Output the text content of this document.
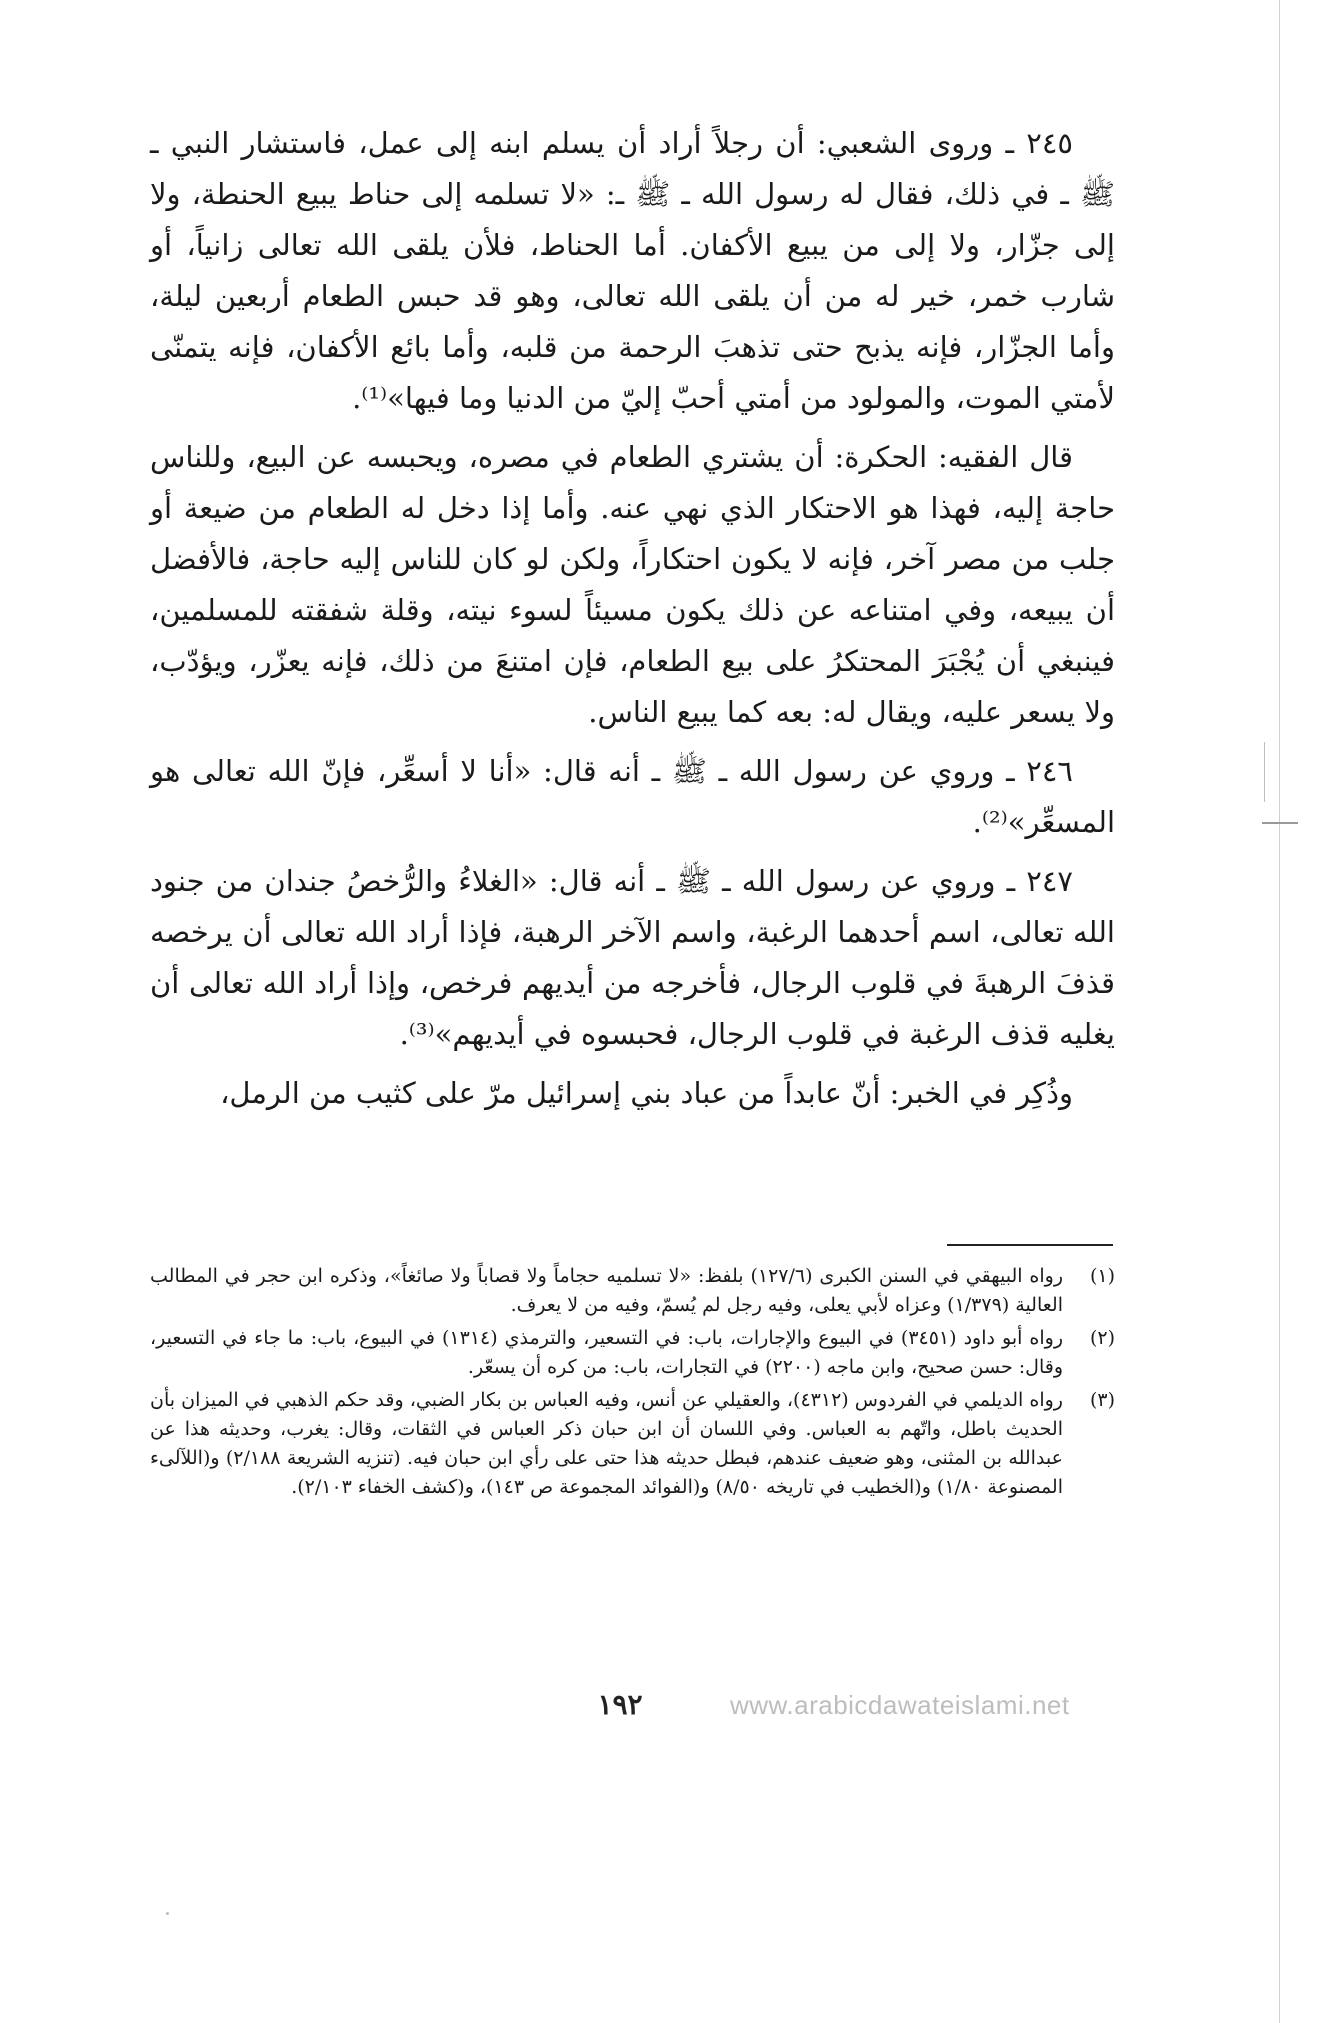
٢٤٥ ـ وروى الشعبي: أن رجلاً أراد أن يسلم ابنه إلى عمل، فاستشار النبي ـ ﷺ ـ في ذلك، فقال له رسول الله ـ ﷺ ـ: «لا تسلمه إلى حناط يبيع الحنطة، ولا إلى جزّار، ولا إلى من يبيع الأكفان. أما الحناط، فلأن يلقى الله تعالى زانياً، أو شارب خمر، خير له من أن يلقى الله تعالى، وهو قد حبس الطعام أربعين ليلة، وأما الجزّار، فإنه يذبح حتى تذهبَ الرحمة من قلبه، وأما بائع الأكفان، فإنه يتمنّى لأمتي الموت، والمولود من أمتي أحبّ إليّ من الدنيا وما فيها»⁽¹⁾.

قال الفقيه: الحكرة: أن يشتري الطعام في مصره، ويحبسه عن البيع، وللناس حاجة إليه، فهذا هو الاحتكار الذي نهي عنه. وأما إذا دخل له الطعام من ضيعة أو جلب من مصر آخر، فإنه لا يكون احتكاراً، ولكن لو كان للناس إليه حاجة، فالأفضل أن يبيعه، وفي امتناعه عن ذلك يكون مسيئاً لسوء نيته، وقلة شفقته للمسلمين، فينبغي أن يُجْبَرَ المحتكرُ على بيع الطعام، فإن امتنعَ من ذلك، فإنه يعزّر، ويؤدّب، ولا يسعر عليه، ويقال له: بعه كما يبيع الناس.

٢٤٦ ـ وروي عن رسول الله ـ ﷺ ـ أنه قال: «أنا لا أسعِّر، فإنّ الله تعالى هو المسعِّر»⁽²⁾.

٢٤٧ ـ وروي عن رسول الله ـ ﷺ ـ أنه قال: «الغلاءُ والرُّخصُ جندان من جنود الله تعالى، اسم أحدهما الرغبة، واسم الآخر الرهبة، فإذا أراد الله تعالى أن يرخصه قذفَ الرهبةَ في قلوب الرجال، فأخرجه من أيديهم فرخص، وإذا أراد الله تعالى أن يغليه قذف الرغبة في قلوب الرجال، فحبسوه في أيديهم»⁽³⁾.

وذُكِر في الخبر: أنّ عابداً من عباد بني إسرائيل مرّ على كثيب من الرمل،

(١)
رواه البيهقي في السنن الكبرى (١٢٧/٦) بلفظ: «لا تسلميه حجاماً ولا قصاباً ولا صائغاً»، وذكره ابن حجر في المطالب العالية (١/٣٧٩) وعزاه لأبي يعلى، وفيه رجل لم يُسمّ، وفيه من لا يعرف.
(٢)
رواه أبو داود (٣٤٥١) في البيوع والإجارات، باب: في التسعير، والترمذي (١٣١٤) في البيوع، باب: ما جاء في التسعير، وقال: حسن صحيح، وابن ماجه (٢٢٠٠) في التجارات، باب: من كره أن يسعّر.
(٣)
رواه الديلمي في الفردوس (٤٣١٢)، والعقيلي عن أنس، وفيه العباس بن بكار الضبي، وقد حكم الذهبي في الميزان بأن الحديث باطل، واتّهم به العباس. وفي اللسان أن ابن حبان ذكر العباس في الثقات، وقال: يغرب، وحديثه هذا عن عبدالله بن المثنى، وهو ضعيف عندهم، فبطل حديثه هذا حتى على رأي ابن حبان فيه. (تنزيه الشريعة ٢/١٨٨) و(اللآلىء المصنوعة ١/٨٠) و(الخطيب في تاريخه ٨/٥٠) و(الفوائد المجموعة ص ١٤٣)، و(كشف الخفاء ٢/١٠٣).
١٩٢	www.arabicdawateislami.net
